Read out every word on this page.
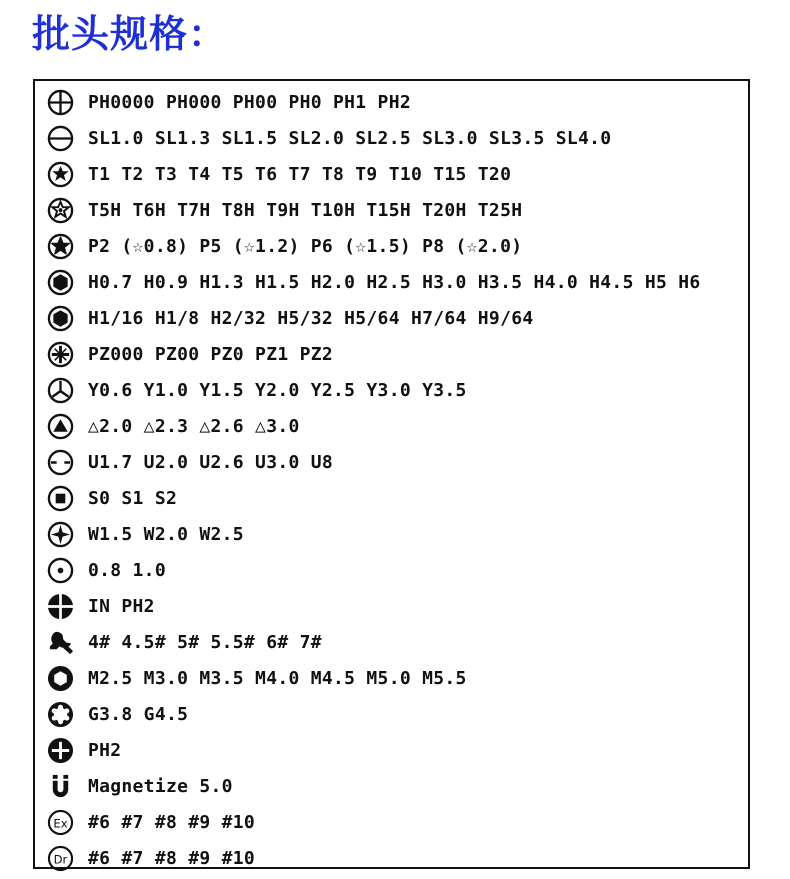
批头规格：
PH0000 PH000 PH00 PH0 PH1 PH2
SL1.0 SL1.3 SL1.5 SL2.0 SL2.5 SL3.0 SL3.5 SL4.0
T1 T2 T3 T4 T5 T6 T7 T8 T9 T10 T15 T20
T5H T6H T7H T8H T9H T10H T15H T20H T25H
P2 (☆0.8) P5 (☆1.2) P6 (☆1.5) P8 (☆2.0)
H0.7 H0.9 H1.3 H1.5 H2.0 H2.5 H3.0 H3.5 H4.0 H4.5 H5 H6
H1/16 H1/8 H2/32 H5/32 H5/64 H7/64 H9/64
PZ000 PZ00 PZ0 PZ1 PZ2
Y0.6 Y1.0 Y1.5 Y2.0 Y2.5 Y3.0 Y3.5
△2.0 △2.3 △2.6 △3.0
U1.7 U2.0 U2.6 U3.0 U8
S0 S1 S2
W1.5 W2.0 W2.5
0.8 1.0
IN PH2
4# 4.5# 5# 5.5# 6# 7#
M2.5 M3.0 M3.5 M4.0 M4.5 M5.0 M5.5
G3.8 G4.5
PH2
Magnetize 5.0
Ex #6 #7 #8 #9 #10
Dr #6 #7 #8 #9 #10
